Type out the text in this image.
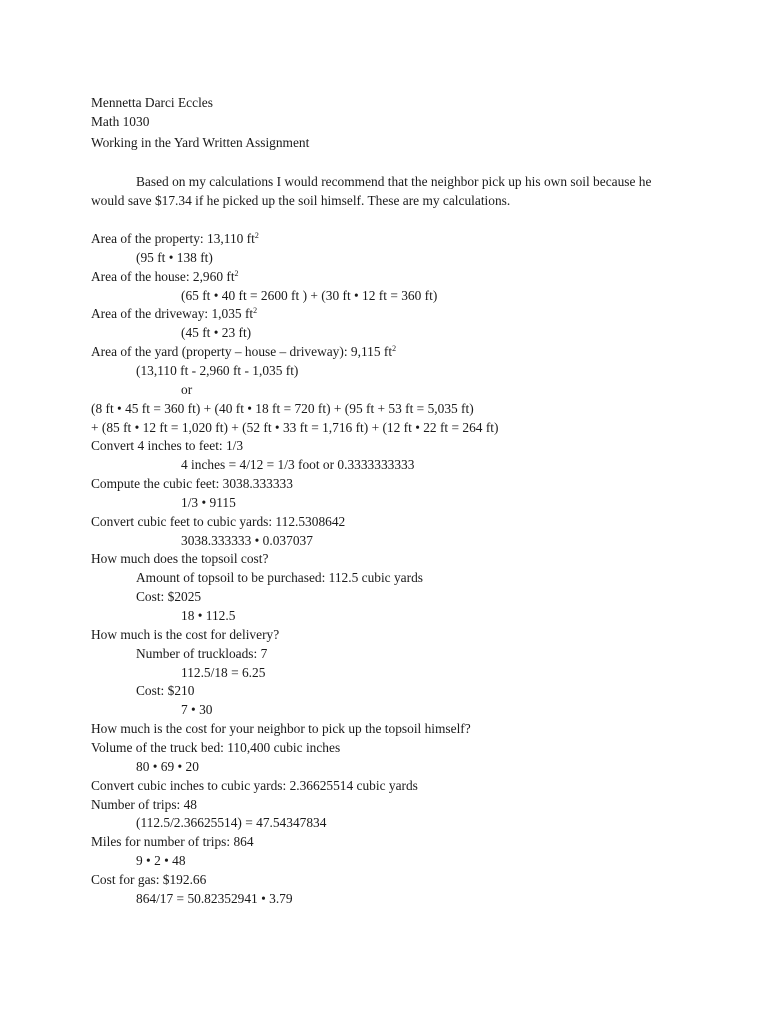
Mennetta Darci Eccles
Math 1030
Working in the Yard Written Assignment
Based on my calculations I would recommend that the neighbor pick up his own soil because he would save $17.34 if he picked up the soil himself. These are my calculations.
Area of the property: 13,110 $ft^2$
(95 ft • 138 ft)
Area of the house: 2,960 $ft^2$
(65 ft • 40 ft = 2600 ft ) + (30 ft • 12 ft = 360 ft)
Area of the driveway: 1,035 $ft^2$
(45 ft • 23 ft)
Area of the yard (property – house – driveway): 9,115 $ft^2$
(13,110 ft - 2,960 ft - 1,035 ft)
or
(8 ft • 45 ft = 360 ft) + (40 ft • 18 ft = 720 ft) + (95 ft + 53 ft = 5,035 ft)
+ (85 ft • 12 ft = 1,020 ft) + (52 ft • 33 ft = 1,716 ft) + (12 ft • 22 ft = 264 ft)
Convert 4 inches to feet: 1/3
4 inches = 4/12 = 1/3 foot or 0.3333333333
Compute the cubic feet: 3038.333333
1/3 • 9115
Convert cubic feet to cubic yards: 112.5308642
3038.333333 • 0.037037
How much does the topsoil cost?
Amount of topsoil to be purchased: 112.5 cubic yards
Cost: $2025
18 • 112.5
How much is the cost for delivery?
Number of truckloads: 7
112.5/18 = 6.25
Cost: $210
7 • 30
How much is the cost for your neighbor to pick up the topsoil himself?
Volume of the truck bed: 110,400 cubic inches
80 • 69 • 20
Convert cubic inches to cubic yards: 2.36625514 cubic yards
Number of trips: 48
(112.5/2.36625514) = 47.54347834
Miles for number of trips: 864
9 • 2 • 48
Cost for gas: $192.66
864/17 = 50.82352941 • 3.79
